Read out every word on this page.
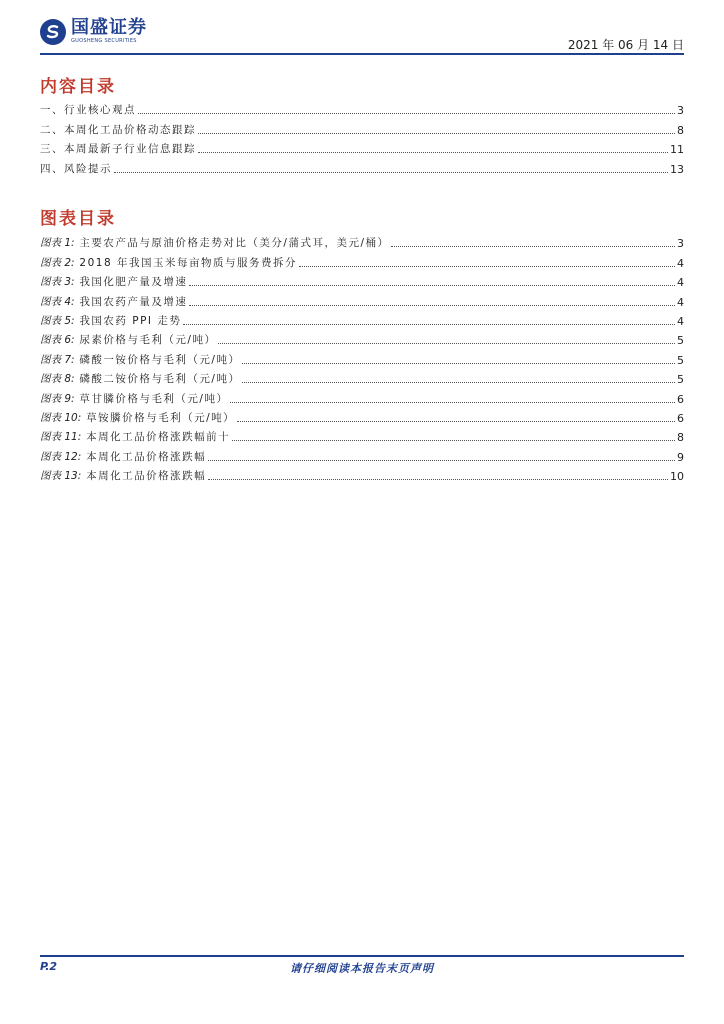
国盛证券
GUOSHENG SECURITIES	2021 年 06 月 14 日
内容目录
一、行业核心观点	3
二、本周化工品价格动态跟踪	8
三、本周最新子行业信息跟踪	11
四、风险提示	13
图表目录
图表 1: 主要农产品与原油价格走势对比（美分/蒲式耳，美元/桶）	3
图表 2: 2018 年我国玉米每亩物质与服务费拆分	4
图表 3: 我国化肥产量及增速	4
图表 4: 我国农药产量及增速	4
图表 5: 我国农药 PPI 走势	4
图表 6: 尿素价格与毛利（元/吨）	5
图表 7: 磷酸一铵价格与毛利（元/吨）	5
图表 8: 磷酸二铵价格与毛利（元/吨）	5
图表 9: 草甘膦价格与毛利（元/吨）	6
图表 10: 草铵膦价格与毛利（元/吨）	6
图表 11: 本周化工品价格涨跌幅前十	8
图表 12: 本周化工品价格涨跌幅	9
图表 13: 本周化工品价格涨跌幅	10
P.2	请仔细阅读本报告末页声明
